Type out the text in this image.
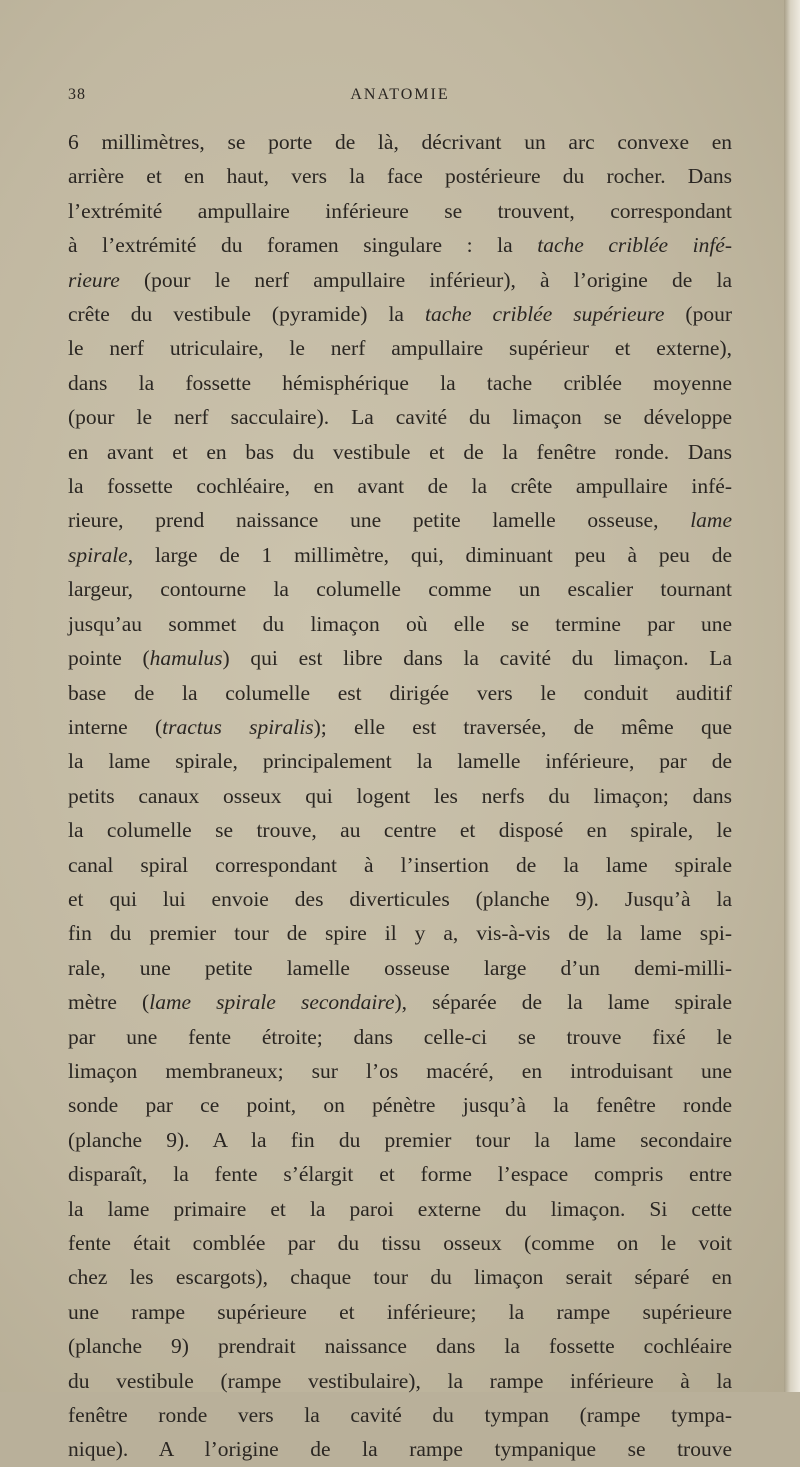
38	ANATOMIE
6 millimètres, se porte de là, décrivant un arc convexe en
arrière et en haut, vers la face postérieure du rocher. Dans
l’extrémité ampullaire inférieure se trouvent, correspondant
à l’extrémité du foramen singulare : la tache criblée infé-
rieure (pour le nerf ampullaire inférieur), à l’origine de la
crête du vestibule (pyramide) la tache criblée supérieure (pour
le nerf utriculaire, le nerf ampullaire supérieur et externe),
dans la fossette hémisphérique la tache criblée moyenne
(pour le nerf sacculaire). La cavité du limaçon se développe
en avant et en bas du vestibule et de la fenêtre ronde. Dans
la fossette cochléaire, en avant de la crête ampullaire infé-
rieure, prend naissance une petite lamelle osseuse, lame
spirale, large de 1 millimètre, qui, diminuant peu à peu de
largeur, contourne la columelle comme un escalier tournant
jusqu’au sommet du limaçon où elle se termine par une
pointe (hamulus) qui est libre dans la cavité du limaçon. La
base de la columelle est dirigée vers le conduit auditif
interne (tractus spiralis); elle est traversée, de même que
la lame spirale, principalement la lamelle inférieure, par de
petits canaux osseux qui logent les nerfs du limaçon; dans
la columelle se trouve, au centre et disposé en spirale, le
canal spiral correspondant à l’insertion de la lame spirale
et qui lui envoie des diverticules (planche 9). Jusqu’à la
fin du premier tour de spire il y a, vis-à-vis de la lame spi-
rale, une petite lamelle osseuse large d’un demi-milli-
mètre (lame spirale secondaire), séparée de la lame spirale
par une fente étroite; dans celle-ci se trouve fixé le
limaçon membraneux; sur l’os macéré, en introduisant une
sonde par ce point, on pénètre jusqu’à la fenêtre ronde
(planche 9). A la fin du premier tour la lame secondaire
disparaît, la fente s’élargit et forme l’espace compris entre
la lame primaire et la paroi externe du limaçon. Si cette
fente était comblée par du tissu osseux (comme on le voit
chez les escargots), chaque tour du limaçon serait séparé en
une rampe supérieure et inférieure; la rampe supérieure
(planche 9) prendrait naissance dans la fossette cochléaire
du vestibule (rampe vestibulaire), la rampe inférieure à la
fenêtre ronde vers la cavité du tympan (rampe tympa-
nique). A l’origine de la rampe tympanique se trouve
